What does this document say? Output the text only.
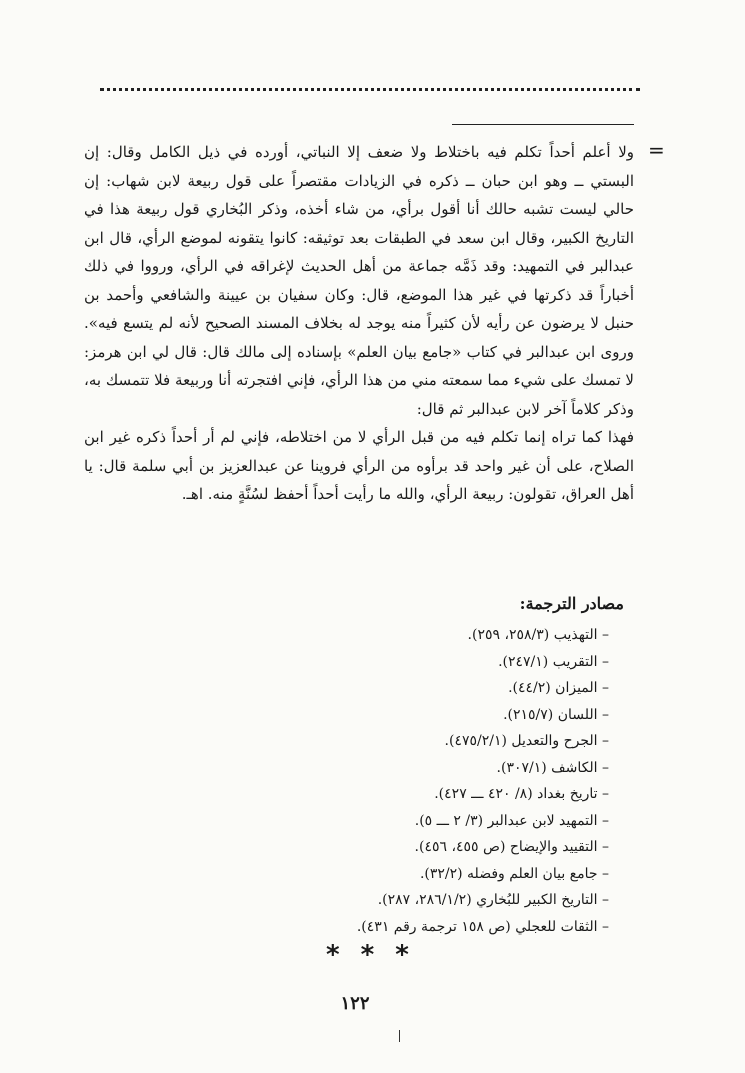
=

ولا أعلم أحداً تكلم فيه باختلاط ولا ضعف إلا النباتي، أورده في ذيل الكامل وقال: إن البستي ــ وهو ابن حبان ــ ذكره في الزيادات مقتصراً على قول ربيعة لابن شهاب: إن حالي ليست تشبه حالك أنا أقول برأي، من شاء أخذه، وذكر البُخاري قول ربيعة هذا في التاريخ الكبير، وقال ابن سعد في الطبقات بعد توثيقه: كانوا يتقونه لموضع الرأي، قال ابن عبدالبر في التمهيد: وقد ذَمَّه جماعة من أهل الحديث لإغراقه في الرأي، ورووا في ذلك أخباراً قد ذكرتها في غير هذا الموضع، قال: وكان سفيان بن عيينة والشافعي وأحمد بن حنبل لا يرضون عن رأيه لأن كثيراً منه يوجد له بخلاف المسند الصحيح لأنه لم يتسع فيه». وروى ابن عبدالبر في كتاب «جامع بيان العلم» بإسناده إلى مالك قال: قال لي ابن هرمز: لا تمسك على شيء مما سمعته مني من هذا الرأي، فإني افتجرته أنا وربيعة فلا تتمسك به، وذكر كلاماً آخر لابن عبدالبر ثم قال:

فهذا كما تراه إنما تكلم فيه من قبل الرأي لا من اختلاطه، فإني لم أر أحداً ذكره غير ابن الصلاح، على أن غير واحد قد برأوه من الرأي فروينا عن عبدالعزيز بن أبي سلمة قال: يا أهل العراق، تقولون: ربيعة الرأي، والله ما رأيت أحداً أحفظ لسُنَّةٍ منه. اهـ.

مصادر الترجمة:
– التهذيب (٢٥٨/٣، ٢٥٩).
– التقريب (٢٤٧/١).
– الميزان (٤٤/٢).
– اللسان (٢١٥/٧).
– الجرح والتعديل (٤٧٥/٢/١).
– الكاشف (٣٠٧/١).
– تاريخ بغداد (٨/ ٤٢٠ ـــ ٤٢٧).
– التمهيد لابن عبدالبر (٣/ ٢ ـــ ٥).
– التقييد والإيضاح (ص ٤٥٥، ٤٥٦).
– جامع بيان العلم وفضله (٣٢/٢).
– التاريخ الكبير للبُخاري (٢٨٦/١/٢، ٢٨٧).
– الثقات للعجلي (ص ١٥٨ ترجمة رقم ٤٣١).
* * *
١٢٢
